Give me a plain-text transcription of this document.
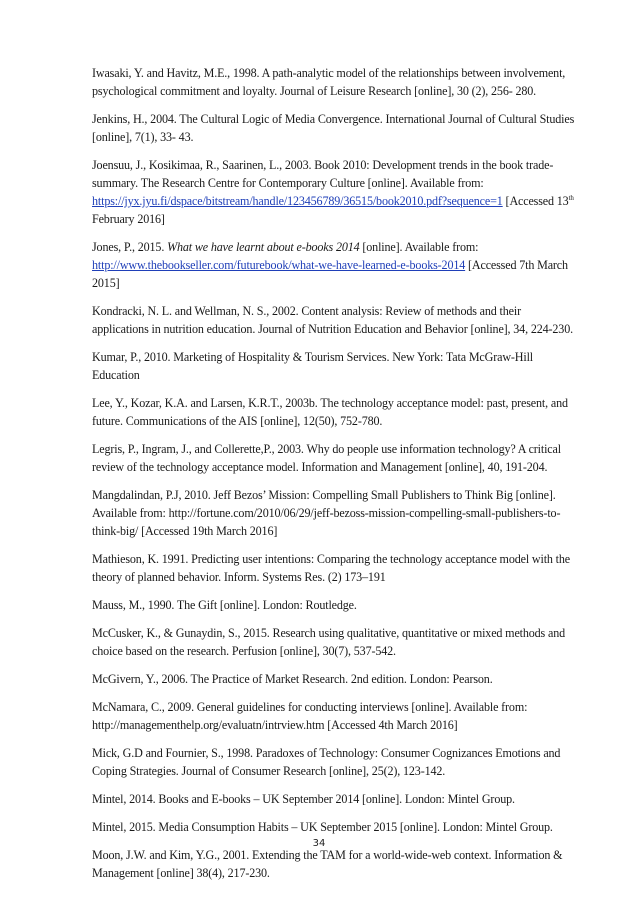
Iwasaki, Y. and Havitz, M.E., 1998. A path-analytic model of the relationships between involvement, psychological commitment and loyalty. Journal of Leisure Research [online], 30 (2), 256- 280.

Jenkins, H., 2004. The Cultural Logic of Media Convergence. International Journal of Cultural Studies [online], 7(1), 33- 43.

Joensuu, J., Kosikimaa, R., Saarinen, L., 2003. Book 2010: Development trends in the book trade-summary. The Research Centre for Contemporary Culture [online]. Available from: https://jyx.jyu.fi/dspace/bitstream/handle/123456789/36515/book2010.pdf?sequence=1 [Accessed 13th February 2016]

Jones, P., 2015. What we have learnt about e-books 2014 [online]. Available from: http://www.thebookseller.com/futurebook/what-we-have-learned-e-books-2014 [Accessed 7th March 2015]

Kondracki, N. L. and Wellman, N. S., 2002. Content analysis: Review of methods and their applications in nutrition education. Journal of Nutrition Education and Behavior [online], 34, 224-230.

Kumar, P., 2010. Marketing of Hospitality & Tourism Services. New York: Tata McGraw-Hill Education

Lee, Y., Kozar, K.A. and Larsen, K.R.T., 2003b. The technology acceptance model: past, present, and future. Communications of the AIS [online], 12(50), 752-780.

Legris, P., Ingram, J., and Collerette,P., 2003. Why do people use information technology? A critical review of the technology acceptance model. Information and Management [online], 40, 191-204.

Mangdalindan, P.J, 2010. Jeff Bezos’ Mission: Compelling Small Publishers to Think Big [online]. Available from: http://fortune.com/2010/06/29/jeff-bezoss-mission-compelling-small-publishers-to-think-big/ [Accessed 19th March 2016]

Mathieson, K. 1991. Predicting user intentions: Comparing the technology acceptance model with the theory of planned behavior. Inform. Systems Res. (2) 173–191

Mauss, M., 1990. The Gift [online]. London: Routledge.

McCusker, K., & Gunaydin, S., 2015. Research using qualitative, quantitative or mixed methods and choice based on the research. Perfusion [online], 30(7), 537-542.

McGivern, Y., 2006. The Practice of Market Research. 2nd edition. London: Pearson.

McNamara, C., 2009. General guidelines for conducting interviews [online]. Available from: http://managementhelp.org/evaluatn/intrview.htm [Accessed 4th March 2016]

Mick, G.D and Fournier, S., 1998. Paradoxes of Technology: Consumer Cognizances Emotions and Coping Strategies. Journal of Consumer Research [online], 25(2), 123-142.

Mintel, 2014. Books and E-books – UK September 2014 [online]. London: Mintel Group.

Mintel, 2015. Media Consumption Habits – UK September 2015 [online]. London: Mintel Group.

Moon, J.W. and Kim, Y.G., 2001. Extending the TAM for a world-wide-web context. Information & Management [online] 38(4), 217-230.

34
